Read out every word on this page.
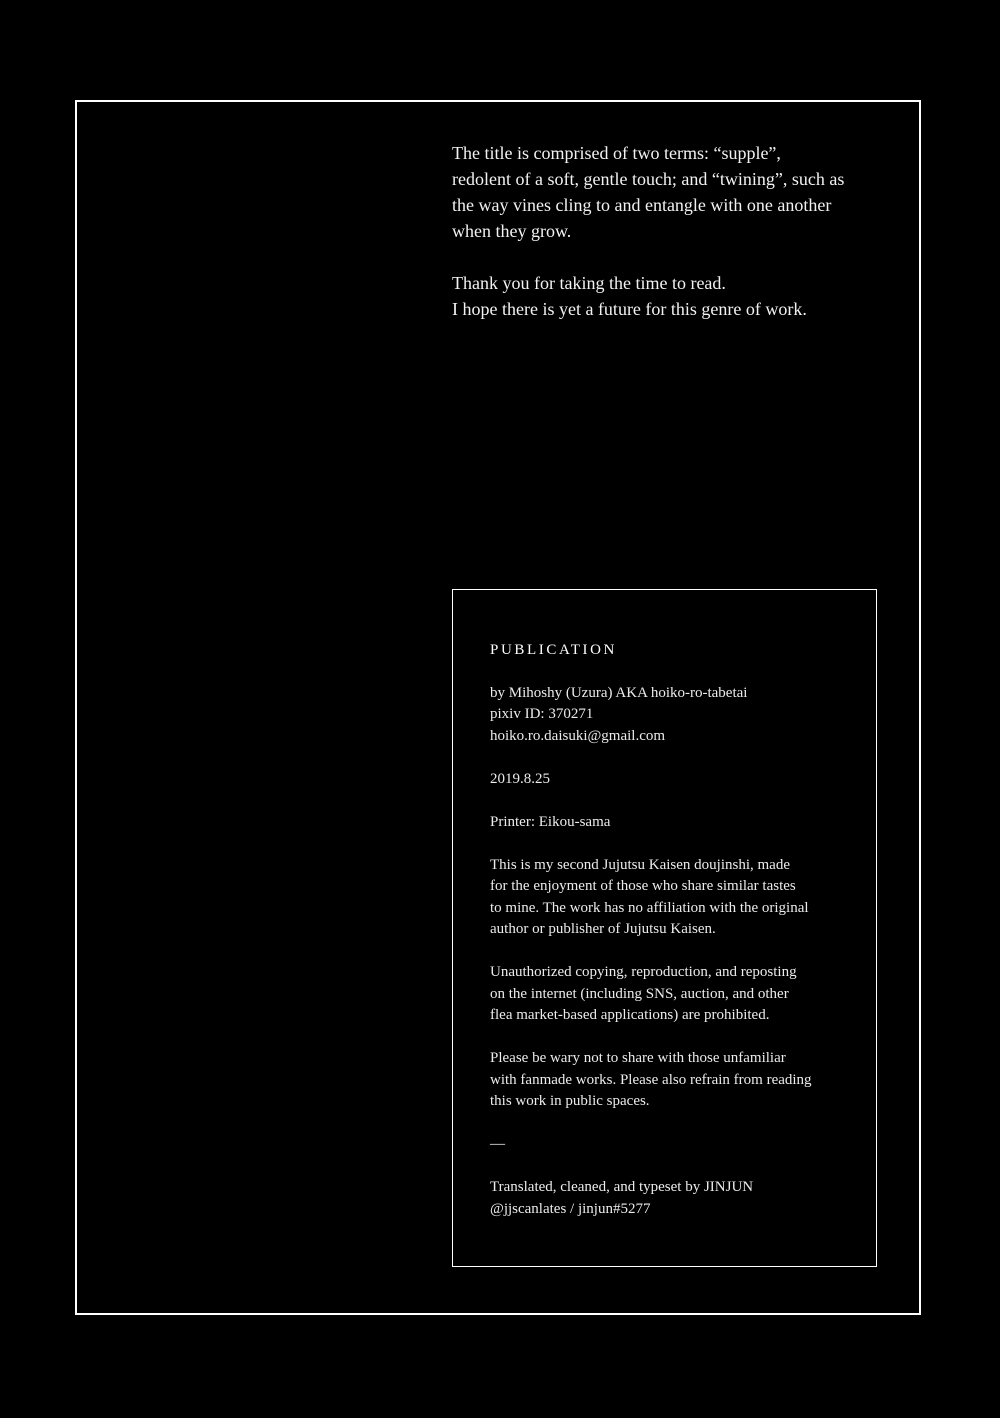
The title is comprised of two terms: “supple”,
redolent of a soft, gentle touch; and “twining”, such as
the way vines cling to and entangle with one another
when they grow.

Thank you for taking the time to read.
I hope there is yet a future for this genre of work.

PUBLICATION
by Mihoshy (Uzura) AKA hoiko-ro-tabetai
pixiv ID: 370271
hoiko.ro.daisuki@gmail.com
2019.8.25
Printer: Eikou-sama
This is my second Jujutsu Kaisen doujinshi, made
for the enjoyment of those who share similar tastes
to mine. The work has no affiliation with the original
author or publisher of Jujutsu Kaisen.
Unauthorized copying, reproduction, and reposting
on the internet (including SNS, auction, and other
flea market-based applications) are prohibited.
Please be wary not to share with those unfamiliar
with fanmade works. Please also refrain from reading
this work in public spaces.
—
Translated, cleaned, and typeset by JINJUN
@jjscanlates / jinjun#5277
